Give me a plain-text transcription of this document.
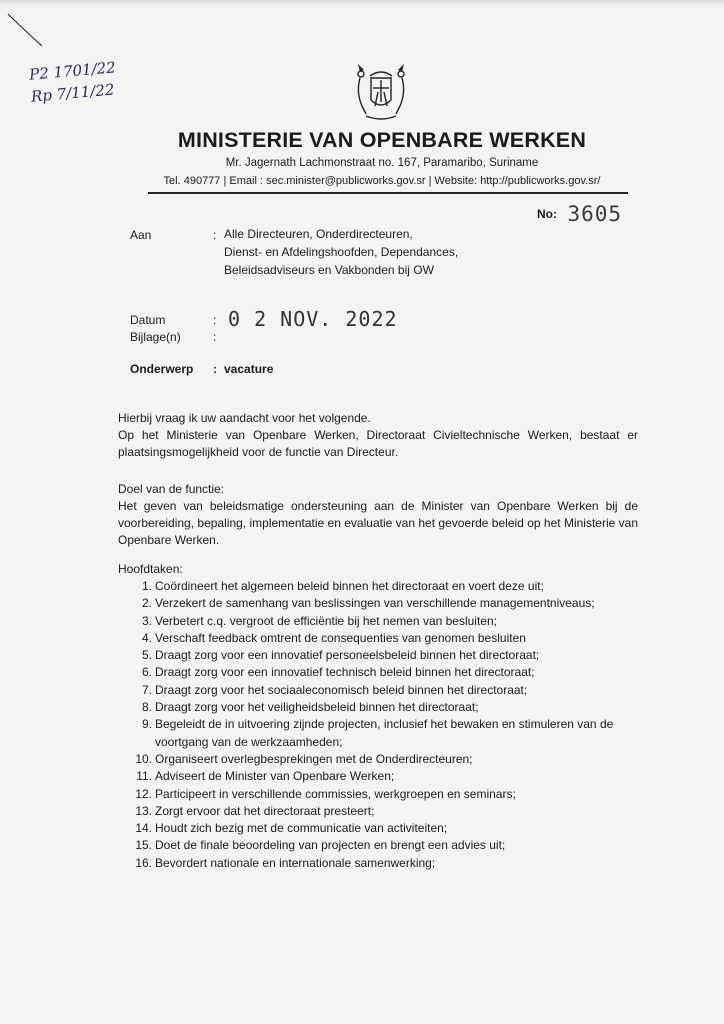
P2 1701/22
Rp 7/11/22
MINISTERIE VAN OPENBARE WERKEN
Mr. Jagernath Lachmonstraat no. 167, Paramaribo, Suriname
Tel. 490777 | Email : sec.minister@publicworks.gov.sr | Website: http://publicworks.gov.sr/
No: 3605
Aan	: Alle Directeuren, Onderdirecteuren,
Dienst- en Afdelingshoofden, Dependances,
Beleidsadviseurs en Vakbonden bij OW
Datum	: 0 2 NOV. 2022
Bijlage(n)	:
Onderwerp : vacature
Hierbij vraag ik uw aandacht voor het volgende.
Op het Ministerie van Openbare Werken, Directoraat Civieltechnische Werken, bestaat er plaatsingsmogelijkheid voor de functie van Directeur.
Doel van de functie:
Het geven van beleidsmatige ondersteuning aan de Minister van Openbare Werken bij de voorbereiding, bepaling, implementatie en evaluatie van het gevoerde beleid op het Ministerie van Openbare Werken.
Hoofdtaken:
1. Coördineert het algemeen beleid binnen het directoraat en voert deze uit;
2. Verzekert de samenhang van beslissingen van verschillende managementniveaus;
3. Verbetert c.q. vergroot de efficiëntie bij het nemen van besluiten;
4. Verschaft feedback omtrent de consequenties van genomen besluiten
5. Draagt zorg voor een innovatief personeelsbeleid binnen het directoraat;
6. Draagt zorg voor een innovatief technisch beleid binnen het directoraat;
7. Draagt zorg voor het sociaaleconomisch beleid binnen het directoraat;
8. Draagt zorg voor het veiligheidsbeleid binnen het directoraat;
9. Begeleidt de in uitvoering zijnde projecten, inclusief het bewaken en stimuleren van de voortgang van de werkzaamheden;
10. Organiseert overlegbesprekingen met de Onderdirecteuren;
11. Adviseert de Minister van Openbare Werken;
12. Participeert in verschillende commissies, werkgroepen en seminars;
13. Zorgt ervoor dat het directoraat presteert;
14. Houdt zich bezig met de communicatie van activiteiten;
15. Doet de finale beoordeling van projecten en brengt een advies uit;
16. Bevordert nationale en internationale samenwerking;
